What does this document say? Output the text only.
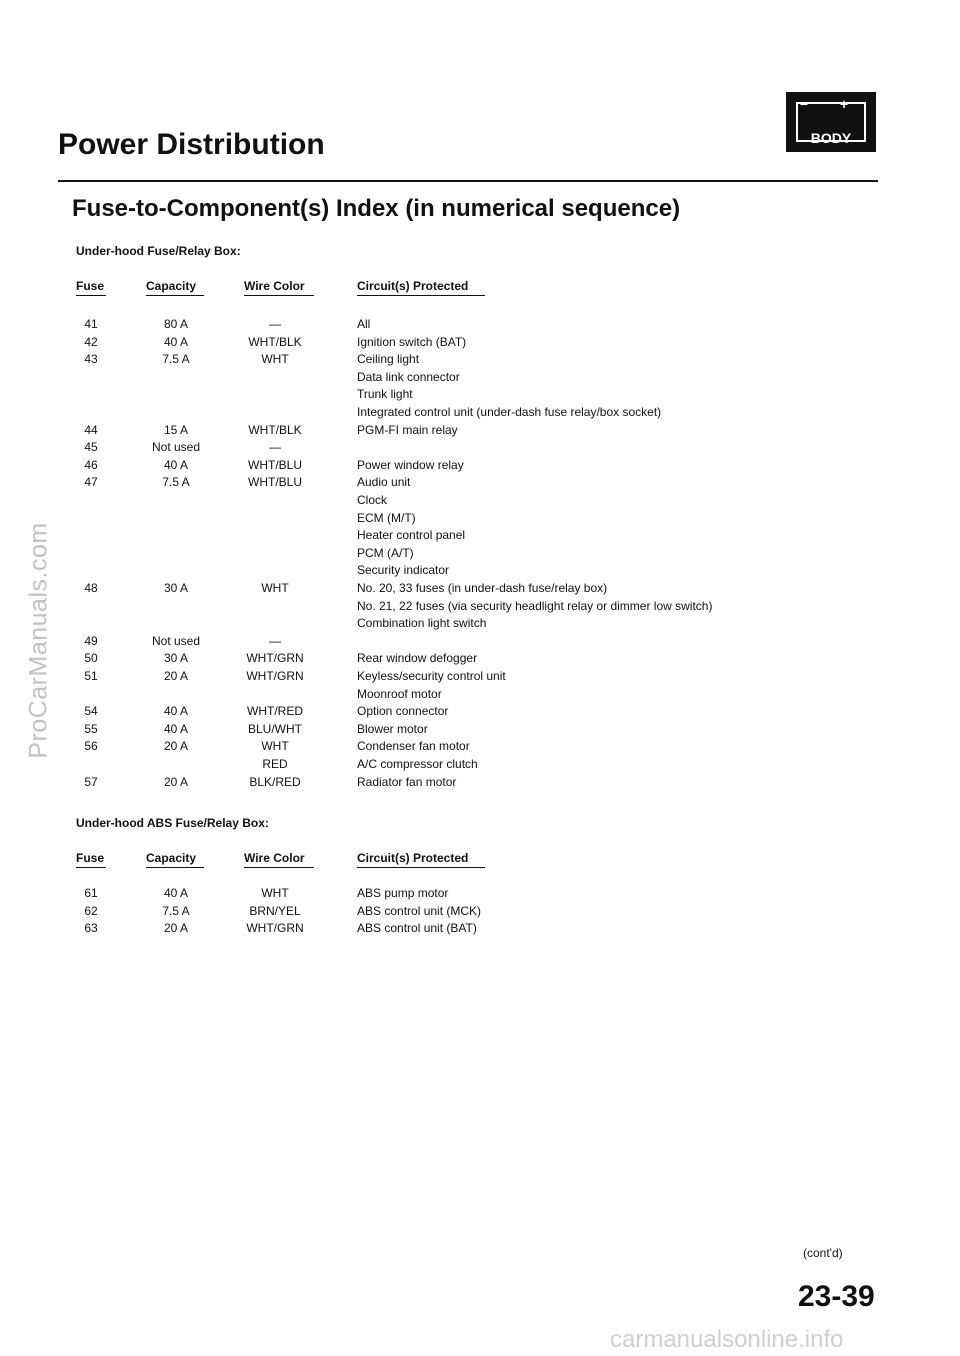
ProCarManuals.com
Power Distribution
− +
BODY
Fuse-to-Component(s) Index (in numerical sequence)
Under-hood Fuse/Relay Box:
Fuse	Capacity	Wire Color	Circuit(s) Protected
41	80 A	—	All
42	40 A	WHT/BLK	Ignition switch (BAT)
43	7.5 A	WHT	Ceiling light
Data link connector
Trunk light
Integrated control unit (under-dash fuse relay/box socket)
44	15 A	WHT/BLK	PGM-FI main relay
45	Not used	—
46	40 A	WHT/BLU	Power window relay
47	7.5 A	WHT/BLU	Audio unit
Clock
ECM (M/T)
Heater control panel
PCM (A/T)
Security indicator
48	30 A	WHT	No. 20, 33 fuses (in under-dash fuse/relay box)
No. 21, 22 fuses (via security headlight relay or dimmer low switch)
Combination light switch
49	Not used	—
50	30 A	WHT/GRN	Rear window defogger
51	20 A	WHT/GRN	Keyless/security control unit
Moonroof motor
54	40 A	WHT/RED	Option connector
55	40 A	BLU/WHT	Blower motor
56	20 A	WHT	Condenser fan motor
RED	A/C compressor clutch
57	20 A	BLK/RED	Radiator fan motor
Under-hood ABS Fuse/Relay Box:
Fuse	Capacity	Wire Color	Circuit(s) Protected
61	40 A	WHT	ABS pump motor
62	7.5 A	BRN/YEL	ABS control unit (MCK)
63	20 A	WHT/GRN	ABS control unit (BAT)
(cont'd)
23-39
carmanualsonline.info
